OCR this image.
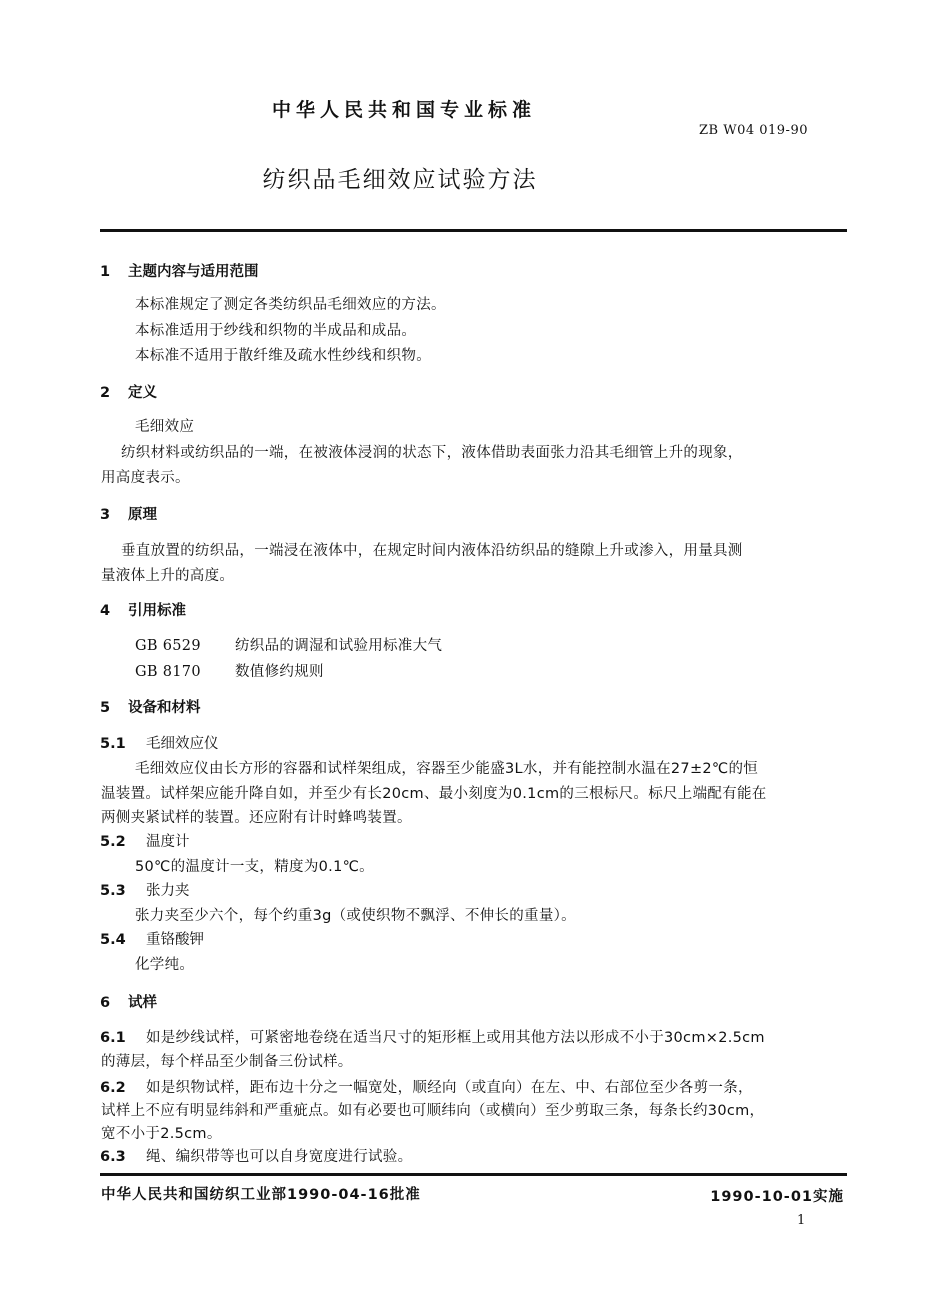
中华人民共和国专业标准
ZB W04 019-90
纺织品毛细效应试验方法
1 主题内容与适用范围
本标准规定了测定各类纺织品毛细效应的方法。
本标准适用于纱线和织物的半成品和成品。
本标准不适用于散纤维及疏水性纱线和织物。
2 定义
毛细效应
纺织材料或纺织品的一端，在被液体浸润的状态下，液体借助表面张力沿其毛细管上升的现象，
用高度表示。
3 原理
垂直放置的纺织品，一端浸在液体中，在规定时间内液体沿纺织品的缝隙上升或渗入，用量具测
量液体上升的高度。
4 引用标准
GB 6529 纺织品的调湿和试验用标准大气
GB 8170 数值修约规则
5 设备和材料
5.1 毛细效应仪
毛细效应仪由长方形的容器和试样架组成，容器至少能盛3L水，并有能控制水温在27±2℃的恒
温装置。试样架应能升降自如，并至少有长20cm、最小刻度为0.1cm的三根标尺。标尺上端配有能在
两侧夹紧试样的装置。还应附有计时蜂鸣装置。
5.2 温度计
50℃的温度计一支，精度为0.1℃。
5.3 张力夹
张力夹至少六个，每个约重3g（或使织物不飘浮、不伸长的重量）。
5.4 重铬酸钾
化学纯。
6 试样
6.1 如是纱线试样，可紧密地卷绕在适当尺寸的矩形框上或用其他方法以形成不小于30cm×2.5cm
的薄层，每个样品至少制备三份试样。
6.2 如是织物试样，距布边十分之一幅宽处，顺经向（或直向）在左、中、右部位至少各剪一条，
试样上不应有明显纬斜和严重疵点。如有必要也可顺纬向（或横向）至少剪取三条，每条长约30cm，
宽不小于2.5cm。
6.3 绳、编织带等也可以自身宽度进行试验。
中华人民共和国纺织工业部1990-04-16批准	1990-10-01实施
1
